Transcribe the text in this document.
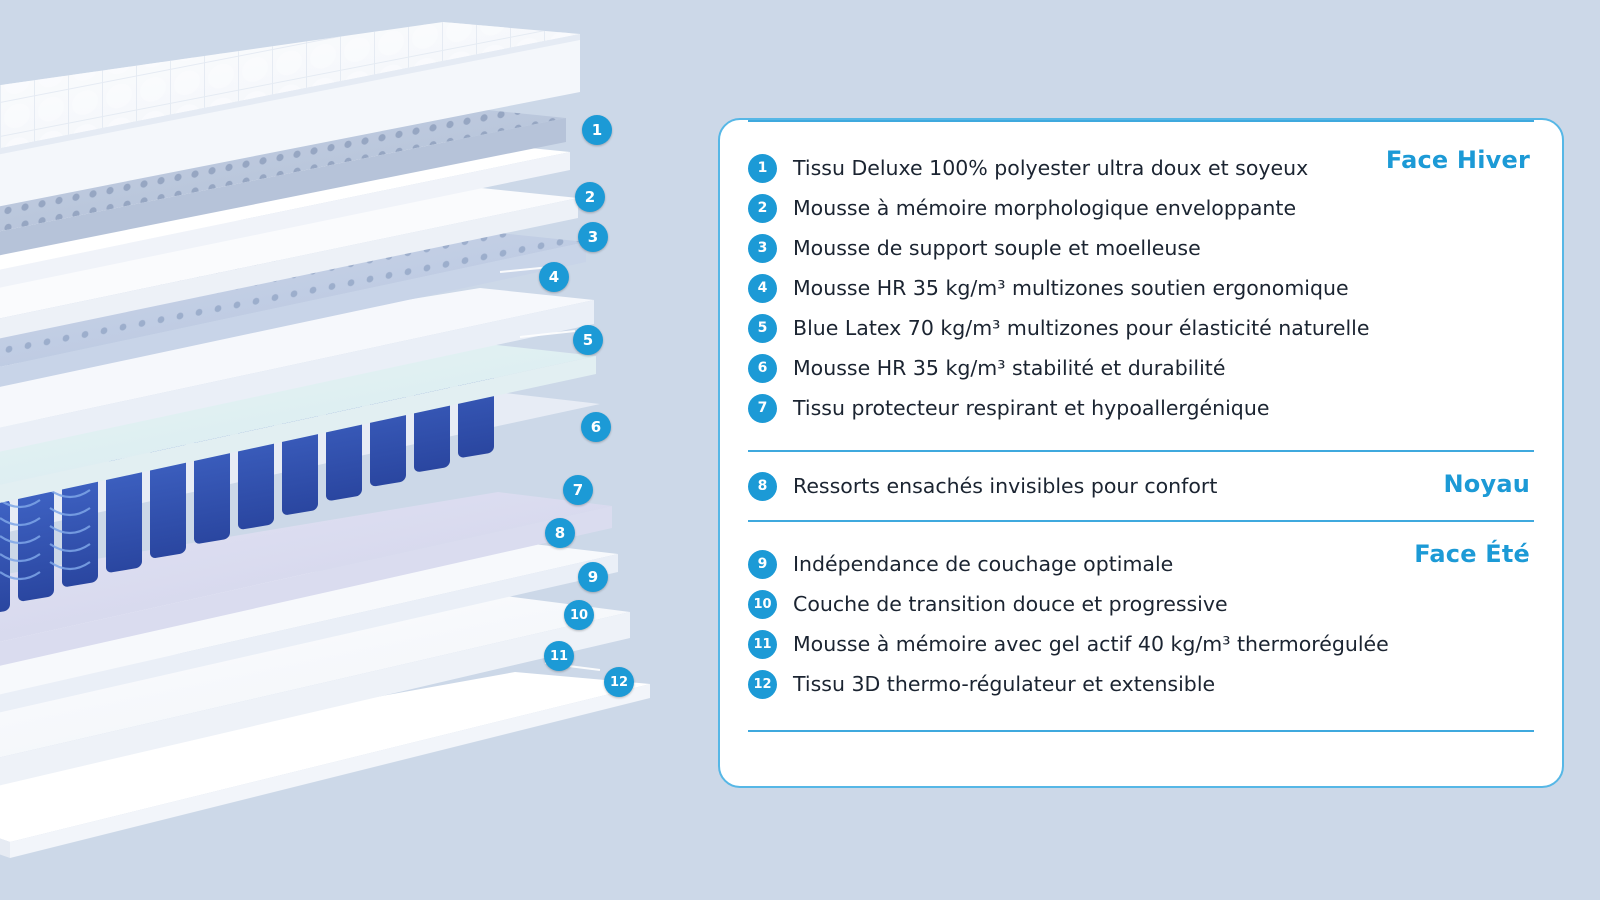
1
2
3
4
5
6
7
8
9
10
11
12
Face Hiver
1	Tissu Deluxe 100% polyester ultra doux et soyeux
2	Mousse à mémoire morphologique enveloppante
3	Mousse de support souple et moelleuse
4	Mousse HR 35 kg/m³ multizones soutien ergonomique
5	Blue Latex 70 kg/m³ multizones pour élasticité naturelle
6	Mousse HR 35 kg/m³ stabilité et durabilité
7	Tissu protecteur respirant et hypoallergénique
Noyau
8	Ressorts ensachés invisibles pour confort
Face Été
9	Indépendance de couchage optimale
10 Couche de transition douce et progressive
11 Mousse à mémoire avec gel actif 40 kg/m³ thermorégulée
12 Tissu 3D thermo-régulateur et extensible
